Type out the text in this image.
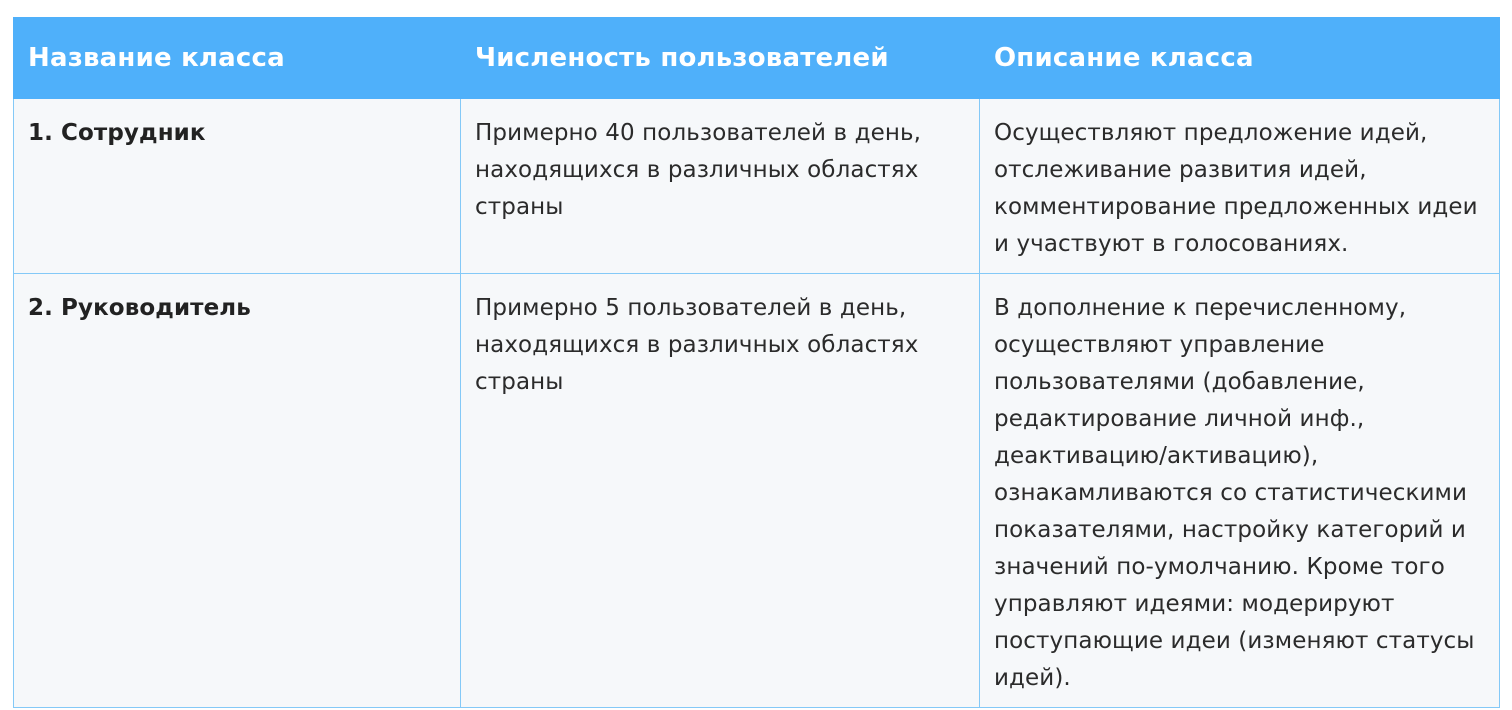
Название класса	Численость пользователей	Описание класса
1. Сотрудник	Примерно 40 пользователей в день, находящихся в различных областях страны	Осуществляют предложение идей, отслеживание развития идей, комментирование предложенных идеи и участвуют в голосованиях.
2. Руководитель	Примерно 5 пользователей в день, находящихся в различных областях страны	В дополнение к перечисленному, осуществляют управление пользователями (добавление, редактирование личной инф., деактивацию/активацию), ознакамливаются со статистическими показателями, настройку категорий и значений по-умолчанию. Кроме того управляют идеями: модерируют поступающие идеи (изменяют статусы идей).
